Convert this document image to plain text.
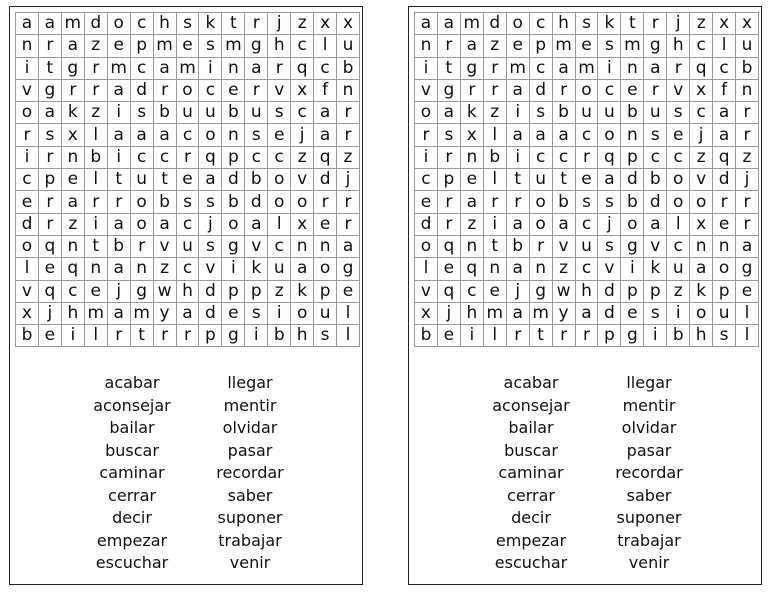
a a m d o c h s k t r	j z x x
n r a z e p m e s m g h c l u
i	t g r m c a m i n a r q c b
v g r r a d r o c e r v x f n
o a k z i s b u u b u s c a r
r s x l a a a c o n s e j a r
i	r n b i c c r q p c c z q z
c p e l	t u t e a d b o v d j
e r a r r o b s s b d o o r r
d r z i a o a c j o a l x e r
o q n t b r v u s g v c n n a
l e q n a n z c v i k u a o g
v q c e j g w h d p p z k p e
x j h m a m y a d e s i o u l
b e i	l	r t r r p g i b h s l
acabar
aconsejar
bailar
buscar
caminar
cerrar
decir
empezar
escuchar
llegar
mentir
olvidar
pasar
recordar
saber
suponer
trabajar
venir
a a m d o c h s k t r	j z x x
n r a z e p m e s m g h c l u
i	t g r m c a m i n a r q c b
v g r r a d r o c e r v x f n
o a k z i s b u u b u s c a r
r s x l a a a c o n s e j a r
i	r n b i c c r q p c c z q z
c p e l	t u t e a d b o v d j
e r a r r o b s s b d o o r r
d r z i a o a c j o a l x e r
o q n t b r v u s g v c n n a
l e q n a n z c v i k u a o g
v q c e j g w h d p p z k p e
x j h m a m y a d e s i o u l
b e i	l	r t r r p g i b h s l
acabar
aconsejar
bailar
buscar
caminar
cerrar
decir
empezar
escuchar
llegar
mentir
olvidar
pasar
recordar
saber
suponer
trabajar
venir
